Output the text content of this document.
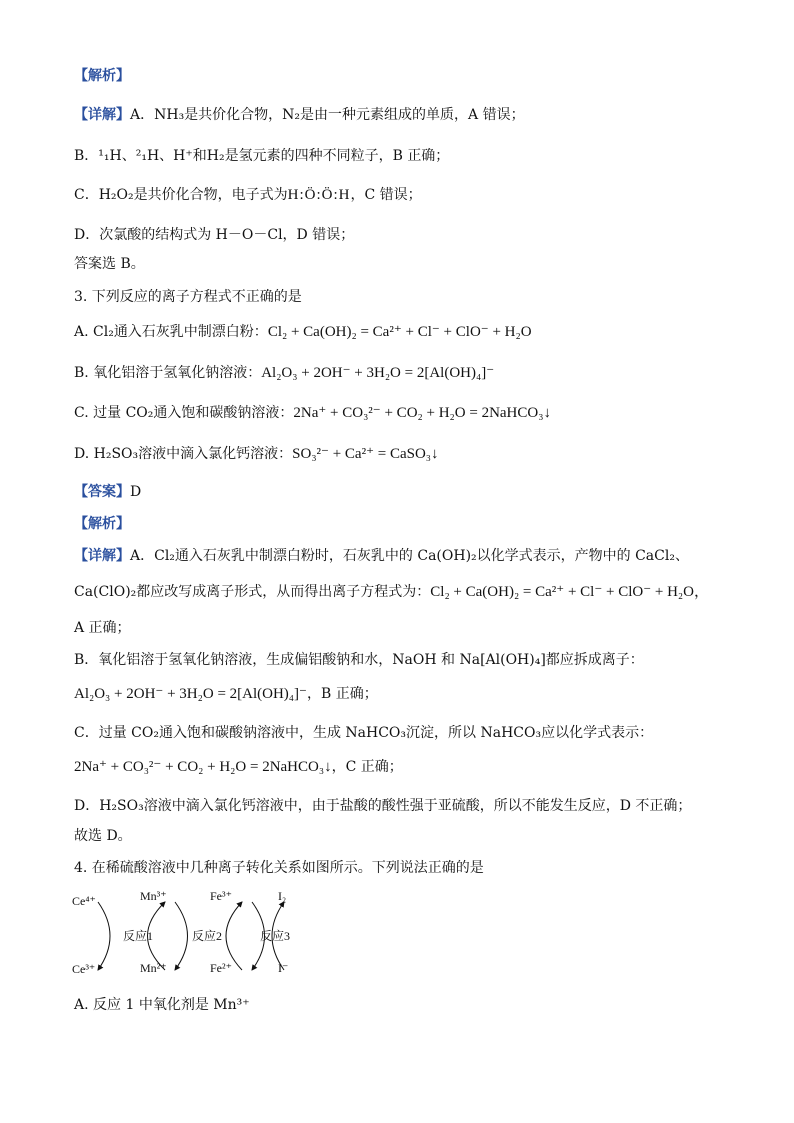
【解析】
【详解】A．NH₃是共价化合物，N₂是由一种元素组成的单质，A 错误；
B．¹₁H、²₁H、H⁺和H₂是氢元素的四种不同粒子，B 正确；
C．H₂O₂是共价化合物，电子式为H:Ö:Ö:H，C 错误；
D．次氯酸的结构式为 H－O－Cl，D 错误；
答案选 B。
3. 下列反应的离子方程式不正确的是
A. Cl₂通入石灰乳中制漂白粉：Cl₂ + Ca(OH)₂ = Ca²⁺ + Cl⁻ + ClO⁻ + H₂O
B. 氧化铝溶于氢氧化钠溶液：Al₂O₃ + 2OH⁻ + 3H₂O = 2[Al(OH)₄]⁻
C. 过量 CO₂通入饱和碳酸钠溶液：2Na⁺ + CO₃²⁻ + CO₂ + H₂O = 2NaHCO₃↓
D. H₂SO₃溶液中滴入氯化钙溶液：SO₃²⁻ + Ca²⁺ = CaSO₃↓
【答案】D
【解析】
【详解】A．Cl₂通入石灰乳中制漂白粉时，石灰乳中的 Ca(OH)₂以化学式表示，产物中的 CaCl₂、
Ca(ClO)₂都应改写成离子形式，从而得出离子方程式为：Cl₂ + Ca(OH)₂ = Ca²⁺ + Cl⁻ + ClO⁻ + H₂O，
A 正确；
B．氧化铝溶于氢氧化钠溶液，生成偏铝酸钠和水，NaOH 和 Na[Al(OH)₄]都应拆成离子：
Al₂O₃ + 2OH⁻ + 3H₂O = 2[Al(OH)₄]⁻，B 正确；
C．过量 CO₂通入饱和碳酸钠溶液中，生成 NaHCO₃沉淀，所以 NaHCO₃应以化学式表示：
2Na⁺ + CO₃²⁻ + CO₂ + H₂O = 2NaHCO₃↓，C 正确；
D．H₂SO₃溶液中滴入氯化钙溶液中，由于盐酸的酸性强于亚硫酸，所以不能发生反应，D 不正确；
故选 D。
4. 在稀硫酸溶液中几种离子转化关系如图所示。下列说法正确的是
Ce⁴⁺
Ce³⁺
Mn³⁺
Mn²⁺
Fe³⁺
Fe²⁺
I₂
I⁻
反应1	反应2	反应3
A. 反应 1 中氧化剂是 Mn³⁺
